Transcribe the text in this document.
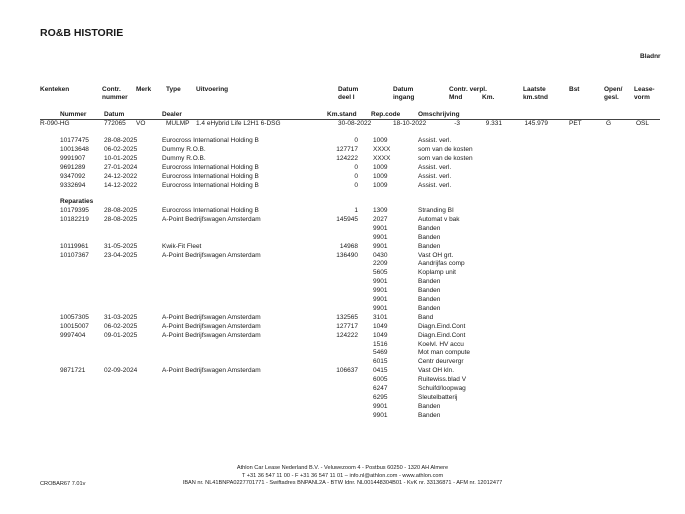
RO&B HISTORIE
Bladnr
Kenteken	Contr.
nummer
Merk Type Uitvoering	Datum
deel I
Datum
ingang
Contr. verpl.
Mnd	Km.
Laatste
km.stnd
Bst	Open/
gesl.
Lease-
vorm
Nummer	Datum	Dealer	Km.stand Rep.code	Omschrijving
R-090-HG	772065 VO	MULMP 1.4 eHybrid Life L2H1 6-DSG	30-08-2022	18-10-2022	-3	9.331	145.979	PET	G	OSL
10177475 28-08-2025	Eurocross International Holding B	0 1009	Assist. verl.
10013648 06-02-2025	Dummy R.O.B.	127717 XXXX	som van de kosten
9991907	10-01-2025	Dummy R.O.B.	124222 XXXX	som van de kosten
9691289	27-01-2024	Eurocross International Holding B	0 1009	Assist. verl.
9347092	24-12-2022	Eurocross International Holding B	0 1009	Assist. verl.
9332694	14-12-2022	Eurocross International Holding B	0 1009	Assist. verl.
Reparaties
10179395 28-08-2025	Eurocross International Holding B	1 1309	Stranding BI
10182219 28-08-2025	A-Point Bedrijfswagen Amsterdam	145945 2027	Automat v bak
9901	Banden
9901	Banden
10119961 31-05-2025	Kwik-Fit Fleet	14968 9901	Banden
10107367 23-04-2025	A-Point Bedrijfswagen Amsterdam	136490 0430	Vast OH grt.
2209	Aandrijfas comp
5605	Koplamp unit
9901	Banden
9901	Banden
9901	Banden
9901	Banden
10057305 31-03-2025	A-Point Bedrijfswagen Amsterdam	132565 3101	Band
10015007 06-02-2025	A-Point Bedrijfswagen Amsterdam	127717 1049	Diagn.Eind.Cont
9997404	09-01-2025	A-Point Bedrijfswagen Amsterdam	124222 1049	Diagn.Eind.Cont
1516	Koelvl. HV accu
5469	Mot man compute
6015	Centr deurvergr
9871721	02-09-2024	A-Point Bedrijfswagen Amsterdam	106637 0415	Vast OH kln.
6005	Ruitewiss.blad V
6247	Schuifd/loopwag
6295	Sleutelbatterij
9901	Banden
9901	Banden
Athlon Car Lease Nederland B.V. - Veluwezoom 4 - Postbus 60250 - 1320 AH Almere
T +31 36 547 11 00 - F +31 36 547 11 01 – info.nl@athlon.com - www.athlon.com
IBAN nr. NL41BNPA0227701771 - Swiftadres BNPANL2A - BTW Idnr. NL001448304B01 - KvK nr. 33136871 - AFM nr. 12012477
CROBAR67 7.01v
